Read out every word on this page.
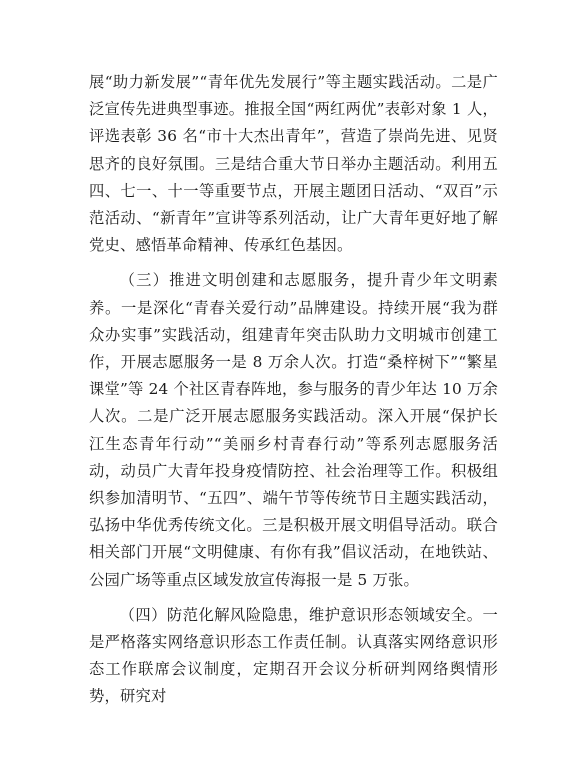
展“助力新发展”“青年优先发展行”等主题实践活动。二是广泛宣传先进典型事迹。推报全国“两红两优”表彰对象 1 人，评选表彰 36 名“市十大杰出青年”，营造了崇尚先进、见贤思齐的良好氛围。三是结合重大节日举办主题活动。利用五四、七一、十一等重要节点，开展主题团日活动、“双百”示范活动、“新青年”宣讲等系列活动，让广大青年更好地了解党史、感悟革命精神、传承红色基因。

（三）推进文明创建和志愿服务，提升青少年文明素养。一是深化“青春关爱行动”品牌建设。持续开展“我为群众办实事”实践活动，组建青年突击队助力文明城市创建工作，开展志愿服务一是 8 万余人次。打造“桑梓树下”“繁星课堂”等 24 个社区青春阵地，参与服务的青少年达 10 万余人次。二是广泛开展志愿服务实践活动。深入开展“保护长江生态青年行动”“美丽乡村青春行动”等系列志愿服务活动，动员广大青年投身疫情防控、社会治理等工作。积极组织参加清明节、“五四”、端午节等传统节日主题实践活动，弘扬中华优秀传统文化。三是积极开展文明倡导活动。联合相关部门开展“文明健康、有你有我”倡议活动，在地铁站、公园广场等重点区域发放宣传海报一是 5 万张。

（四）防范化解风险隐患，维护意识形态领域安全。一是严格落实网络意识形态工作责任制。认真落实网络意识形态工作联席会议制度，定期召开会议分析研判网络舆情形势，研究对
